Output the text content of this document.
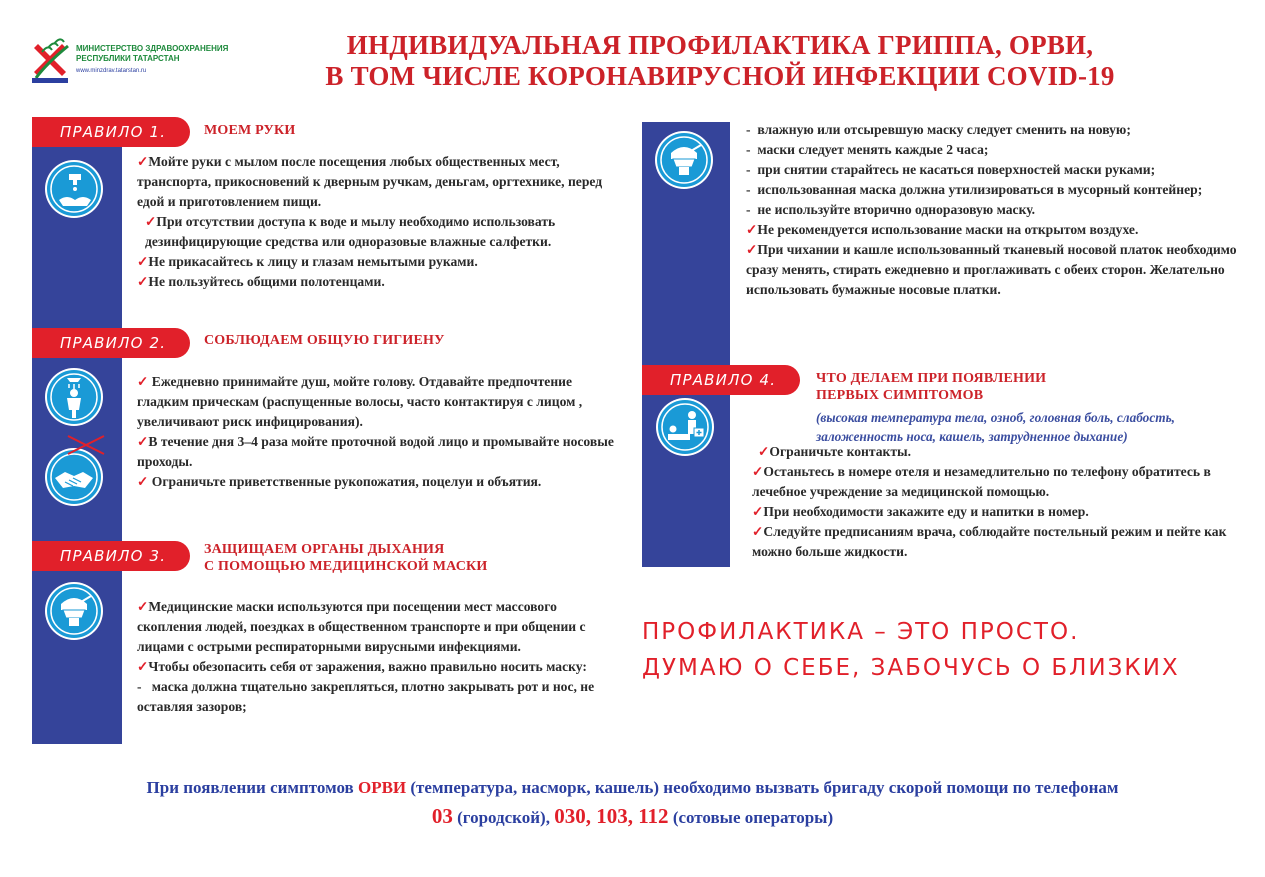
МИНИСТЕРСТВО ЗДРАВООХРАНЕНИЯ
РЕСПУБЛИКИ ТАТАРСТАН
www.minzdrav.tatarstan.ru
ИНДИВИДУАЛЬНАЯ ПРОФИЛАКТИКА ГРИППА, ОРВИ,
В ТОМ ЧИСЛЕ КОРОНАВИРУСНОЙ ИНФЕКЦИИ COVID-19
ПРАВИЛО 1.	МОЕМ РУКИ

✓Мойте руки с мылом после посещения любых общественных мест, транспорта, прикосновений к дверным ручкам, деньгам, оргтехнике, перед едой и приготовлением пищи.

✓При отсутствии доступа к воде и мылу необходимо использовать дезинфицирующие средства или одноразовые влажные салфетки.

✓Не прикасайтесь к лицу и глазам немытыми руками.

✓Не пользуйтесь общими полотенцами.

ПРАВИЛО 2.	СОБЛЮДАЕМ ОБЩУЮ ГИГИЕНУ

✓ Ежедневно принимайте душ, мойте голову. Отдавайте предпочтение гладким прическам (распущенные волосы, часто контактируя с лицом , увеличивают риск инфицирования).

✓В течение дня 3–4 раза мойте проточной водой лицо и промывайте носовые проходы.

✓ Ограничьте приветственные рукопожатия, поцелуи и объятия.

ПРАВИЛО 3.	ЗАЩИЩАЕМ ОРГАНЫ ДЫХАНИЯ
С ПОМОЩЬЮ МЕДИЦИНСКОЙ МАСКИ

✓Медицинские маски используются при посещении мест массового скопления людей, поездках в общественном транспорте и при общении с лицами с острыми респираторными вирусными инфекциями.

✓Чтобы обезопасить себя от заражения, важно правильно носить маску:

-   маска должна тщательно закрепляться, плотно закрывать рот и нос, не оставляя зазоров;

-  влажную или отсыревшую маску следует сменить на новую;

-  маски следует менять каждые 2 часа;

-  при снятии старайтесь не касаться поверхностей маски руками;

-  использованная маска должна утилизироваться в мусорный контейнер;

-  не используйте вторично одноразовую маску.

✓Не рекомендуется использование маски на открытом воздухе.

✓При чихании и кашле использованный тканевый носовой платок необходимо сразу менять, стирать ежедневно и проглаживать с обеих сторон. Желательно использовать бумажные носовые платки.

ПРАВИЛО 4.	ЧТО ДЕЛАЕМ ПРИ ПОЯВЛЕНИИ
ПЕРВЫХ СИМПТОМОВ
(высокая температура тела, озноб, головная боль, слабость,
заложенность носа, кашель, затрудненное дыхание)

✓Ограничьте контакты.

✓Останьтесь в номере отеля и незамедлительно по телефону обратитесь в лечебное учреждение за медицинской помощью.

✓При необходимости закажите еду и напитки в номер.

✓Следуйте предписаниям врача, соблюдайте постельный режим и пейте как можно больше жидкости.

ПРОФИЛАКТИКА – ЭТО ПРОСТО.
ДУМАЮ О СЕБЕ, ЗАБОЧУСЬ О БЛИЗКИХ
При появлении симптомов ОРВИ (температура, насморк, кашель) необходимо вызвать бригаду скорой помощи по телефонам
03 (городской), 030, 103, 112 (сотовые операторы)
